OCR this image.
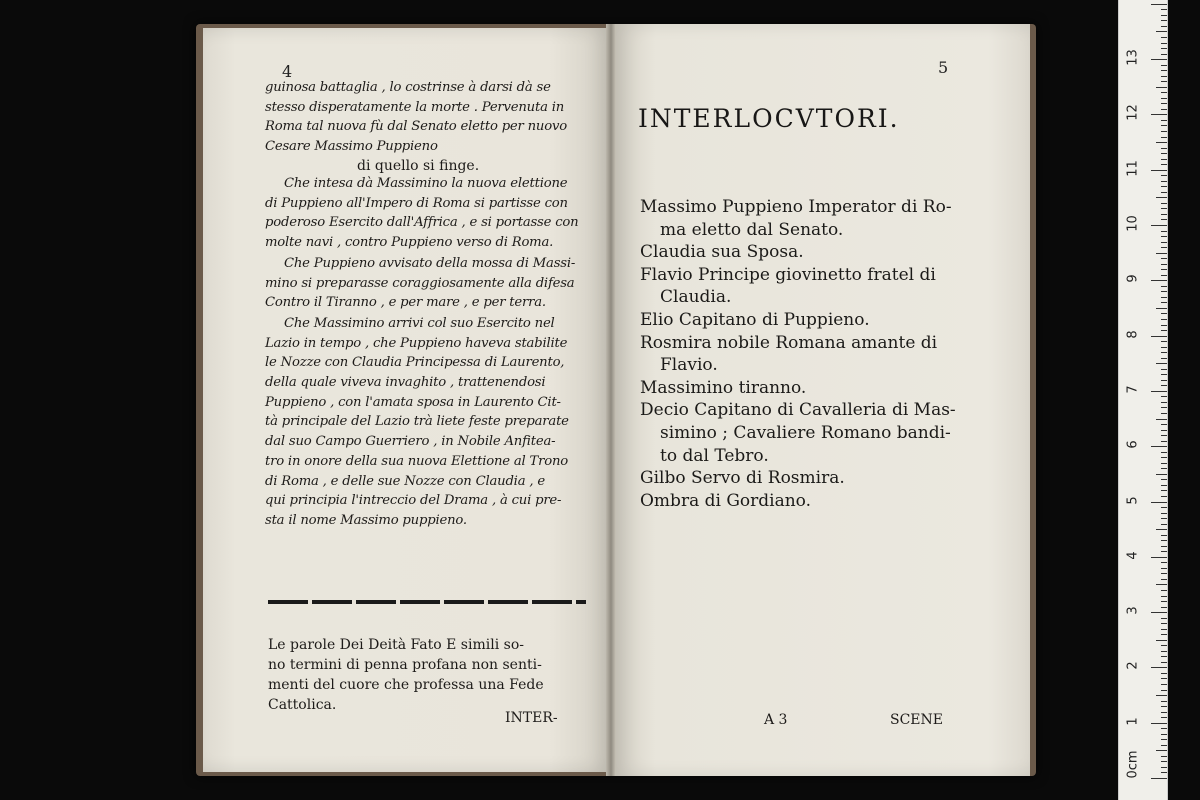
4
guinosa battaglia , lo costrinse à darsi dà se
stesso disperatamente la morte . Pervenuta in
Roma tal nuova fù dal Senato eletto per nuovo
Cesare Massimo Puppieno
di quello si finge.
Che intesa dà Massimino la nuova elettione
di Puppieno all'Impero di Roma si partisse con
poderoso Esercito dall'Affrica , e si portasse con
molte navi , contro Puppieno verso di Roma.
Che Puppieno avvisato della mossa di Massi-
mino si preparasse coraggiosamente alla difesa
Contro il Tiranno , e per mare , e per terra.
Che Massimino arrivi col suo Esercito nel
Lazio in tempo , che Puppieno haveva stabilite
le Nozze con Claudia Principessa di Laurento,
della quale viveva invaghito , trattenendosi
Puppieno , con l'amata sposa in Laurento Cit-
tà principale del Lazio trà liete feste preparate
dal suo Campo Guerriero , in Nobile Anfitea-
tro in onore della sua nuova Elettione al Trono
di Roma , e delle sue Nozze con Claudia , e
qui principia l'intreccio del Drama , à cui pre-
sta il nome Massimo puppieno.
Le parole Dei Deità Fato E simili so-
no termini di penna profana non senti-
menti del cuore che professa una Fede
Cattolica.
INTER-
5
INTERLOCVTORI.
Massimo Puppieno Imperator di Ro-
ma eletto dal Senato.
Claudia sua Sposa.
Flavio Principe giovinetto fratel di
Claudia.
Elio Capitano di Puppieno.
Rosmira nobile Romana amante di
Flavio.
Massimino tiranno.
Decio Capitano di Cavalleria di Mas-
simino ; Cavaliere Romano bandi-
to dal Tebro.
Gilbo Servo di Rosmira.
Ombra di Gordiano.
A 3	SCENE
0cm
1
2
3
4
5
6
7
8
9
10
11
12
13
